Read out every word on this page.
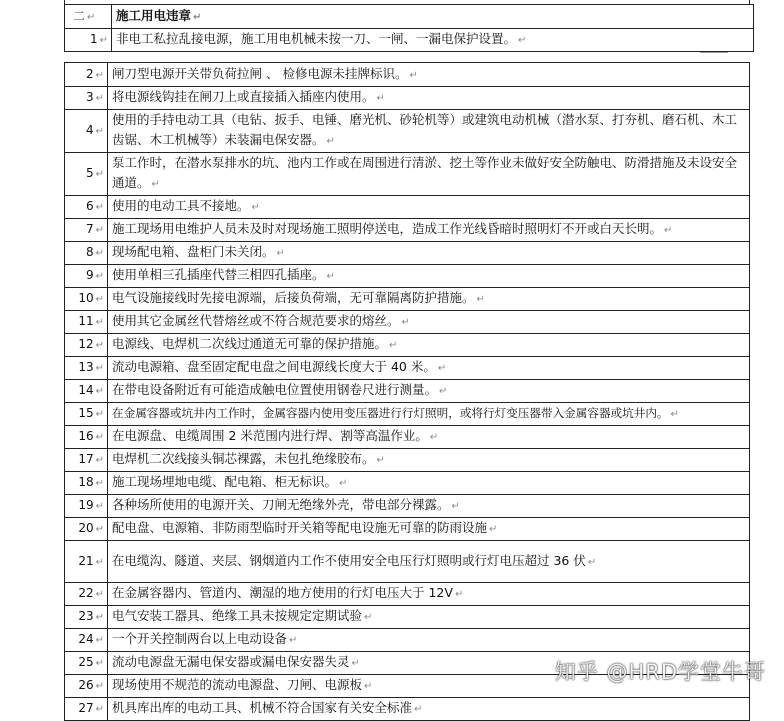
二 ↵	施工用电违章 ↵
1 ↵	非电工私拉乱接电源，施工用电机械未按一刀、一闸、一漏电保护设置。 ↵
2 ↵	闸刀型电源开关带负荷拉闸 、 检修电源未挂牌标识。 ↵
3 ↵	将电源线钩挂在闸刀上或直接插入插座内使用。 ↵
4 ↵	使用的手持电动工具（电钻、扳手、电锤、磨光机、砂轮机等）或建筑电动机械（潜水泵、打夯机、磨石机、木工齿锯、木工机械等）未装漏电保安器。 ↵
5 ↵	泵工作时，在潜水泵排水的坑、池内工作或在周围进行清淤、挖土等作业未做好安全防触电、防滑措施及未设安全通道。 ↵
6 ↵	使用的电动工具不接地。 ↵
7 ↵	施工现场用电维护人员未及时对现场施工照明停送电，造成工作光线昏暗时照明灯不开或白天长明。 ↵
8 ↵	现场配电箱、盘柜门未关闭。 ↵
9 ↵	使用单相三孔插座代替三相四孔插座。 ↵
10 ↵	电气设施接线时先接电源端，后接负荷端，无可靠隔离防护措施。 ↵
11 ↵	使用其它金属丝代替熔丝或不符合规范要求的熔丝。 ↵
12 ↵	电源线、电焊机二次线过通道无可靠的保护措施。 ↵
13 ↵	流动电源箱、盘至固定配电盘之间电源线长度大于 40 米。 ↵
14 ↵	在带电设备附近有可能造成触电位置使用钢卷尺进行测量。 ↵
15 ↵	在金属容器或坑井内工作时，金属容器内使用变压器进行行灯照明，或将行灯变压器带入金属容器或坑井内。 ↵
16 ↵	在电源盘、电缆周围 2 米范围内进行焊、割等高温作业。 ↵
17 ↵	电焊机二次线接头铜芯裸露，未包扎绝缘胶布。 ↵
18 ↵	施工现场埋地电缆、配电箱、柜无标识。 ↵
19 ↵	各种场所使用的电源开关、刀闸无绝缘外壳，带电部分裸露。 ↵
20 ↵	配电盘、电源箱、非防雨型临时开关箱等配电设施无可靠的防雨设施 ↵
21 ↵	在电缆沟、隧道、夹层、钢烟道内工作不使用安全电压行灯照明或行灯电压超过 36 伏 ↵
22 ↵	在金属容器内、管道内、潮湿的地方使用的行灯电压大于 12V ↵
23 ↵	电气安装工器具、绝缘工具未按规定定期试验 ↵
24 ↵	一个开关控制两台以上电动设备 ↵
25 ↵	流动电源盘无漏电保安器或漏电保安器失灵 ↵
26 ↵	现场使用不规范的流动电源盘、刀闸、电源板 ↵
27 ↵	机具库出库的电动工具、机械不符合国家有关安全标准 ↵
知乎 @HRD学堂牛哥
